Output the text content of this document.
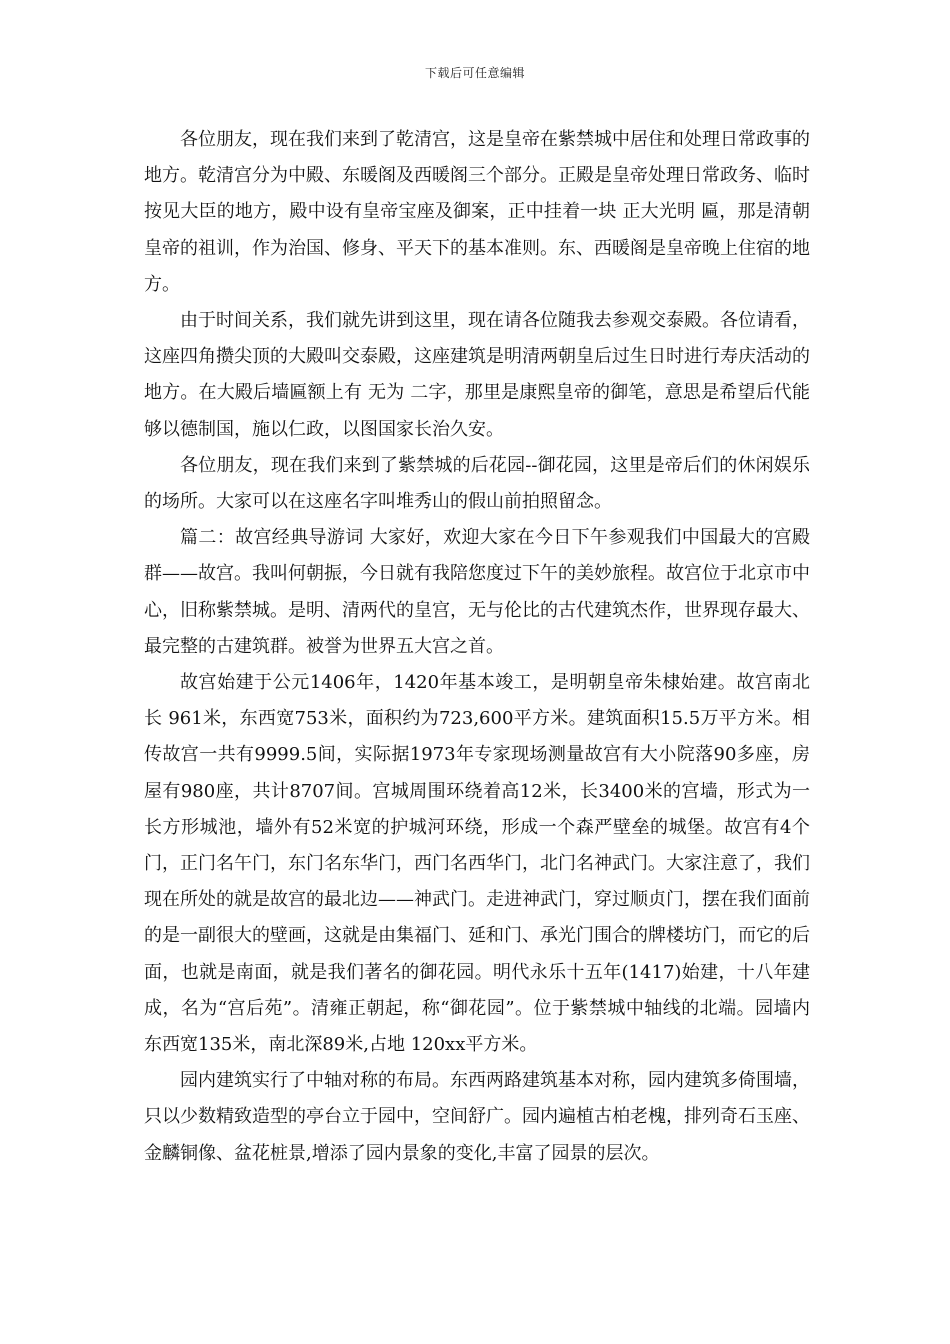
下载后可任意编辑

各位朋友，现在我们来到了乾清宫，这是皇帝在紫禁城中居住和处理日常政事的地方。乾清宫分为中殿、东暖阁及西暖阁三个部分。正殿是皇帝处理日常政务、临时按见大臣的地方，殿中设有皇帝宝座及御案，正中挂着一块 正大光明 匾，那是清朝皇帝的祖训，作为治国、修身、平天下的基本准则。东、西暖阁是皇帝晚上住宿的地方。

由于时间关系，我们就先讲到这里，现在请各位随我去参观交泰殿。各位请看，这座四角攒尖顶的大殿叫交泰殿，这座建筑是明清两朝皇后过生日时进行寿庆活动的地方。在大殿后墙匾额上有 无为 二字，那里是康熙皇帝的御笔，意思是希望后代能够以德制国，施以仁政，以图国家长治久安。

各位朋友，现在我们来到了紫禁城的后花园--御花园，这里是帝后们的休闲娱乐的场所。大家可以在这座名字叫堆秀山的假山前拍照留念。

篇二：故宫经典导游词 大家好，欢迎大家在今日下午参观我们中国最大的宫殿群——故宫。我叫何朝振，今日就有我陪您度过下午的美妙旅程。故宫位于北京市中心，旧称紫禁城。是明、清两代的皇宫，无与伦比的古代建筑杰作，世界现存最大、最完整的古建筑群。被誉为世界五大宫之首。

故宫始建于公元1406年，1420年基本竣工，是明朝皇帝朱棣始建。故宫南北长 961米，东西宽753米，面积约为723,600平方米。建筑面积15.5万平方米。相传故宫一共有9999.5间，实际据1973年专家现场测量故宫有大小院落90多座，房屋有980座，共计8707间。宫城周围环绕着高12米，长3400米的宫墙，形式为一长方形城池，墙外有52米宽的护城河环绕，形成一个森严壁垒的城堡。故宫有4个门，正门名午门，东门名东华门，西门名西华门，北门名神武门。大家注意了，我们现在所处的就是故宫的最北边——神武门。走进神武门，穿过顺贞门，摆在我们面前的是一副很大的壁画，这就是由集福门、延和门、承光门围合的牌楼坊门，而它的后面，也就是南面，就是我们著名的御花园。明代永乐十五年(1417)始建，十八年建成，名为“宫后苑”。清雍正朝起，称“御花园”。位于紫禁城中轴线的北端。园墙内东西宽135米，南北深89米,占地 120xx平方米。

园内建筑实行了中轴对称的布局。东西两路建筑基本对称，园内建筑多倚围墙，只以少数精致造型的亭台立于园中，空间舒广。园内遍植古柏老槐，排列奇石玉座、金麟铜像、盆花桩景,增添了园内景象的变化,丰富了园景的层次。
